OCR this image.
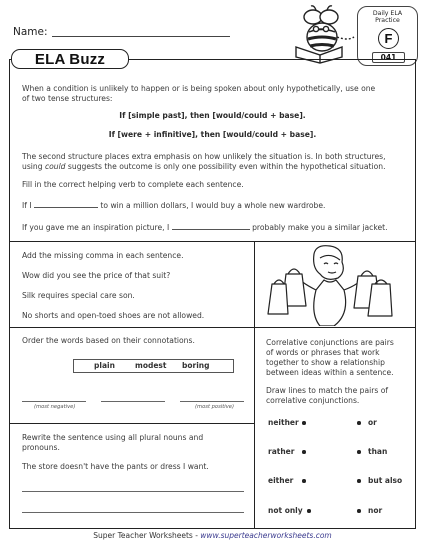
Name:
Daily ELA
Practice
F
041
ELA Buzz
When a condition is unlikely to happen or is being spoken about only hypothetically, use one
of two tense structures:
If [simple past], then [would/could + base].
If [were + infinitive], then [would/could + base].
The second structure places extra emphasis on how unlikely the situation is. In both structures,
using could suggests the outcome is only one possibility even within the hypothetical situation.
Fill in the correct helping verb to complete each sentence.
If I	to win a million dollars, I would buy a whole new wardrobe.
If you gave me an inspiration picture, I	probably make you a similar jacket.
Add the missing comma in each sentence.
Wow did you see the price of that suit?
Silk requires special care son.
No shorts and open-toed shoes are not allowed.
Order the words based on their connotations.
plain	modest boring
(most negative)	(most positive)
Rewrite the sentence using all plural nouns and
pronouns.
The store doesn't have the pants or dress I want.
Correlative conjunctions are pairs
of words or phrases that work
together to show a relationship
between ideas within a sentence.
Draw lines to match the pairs of
correlative conjunctions.
neither	or
rather	than
either	but also
not only	nor
Super Teacher Worksheets - www.superteacherworksheets.com
